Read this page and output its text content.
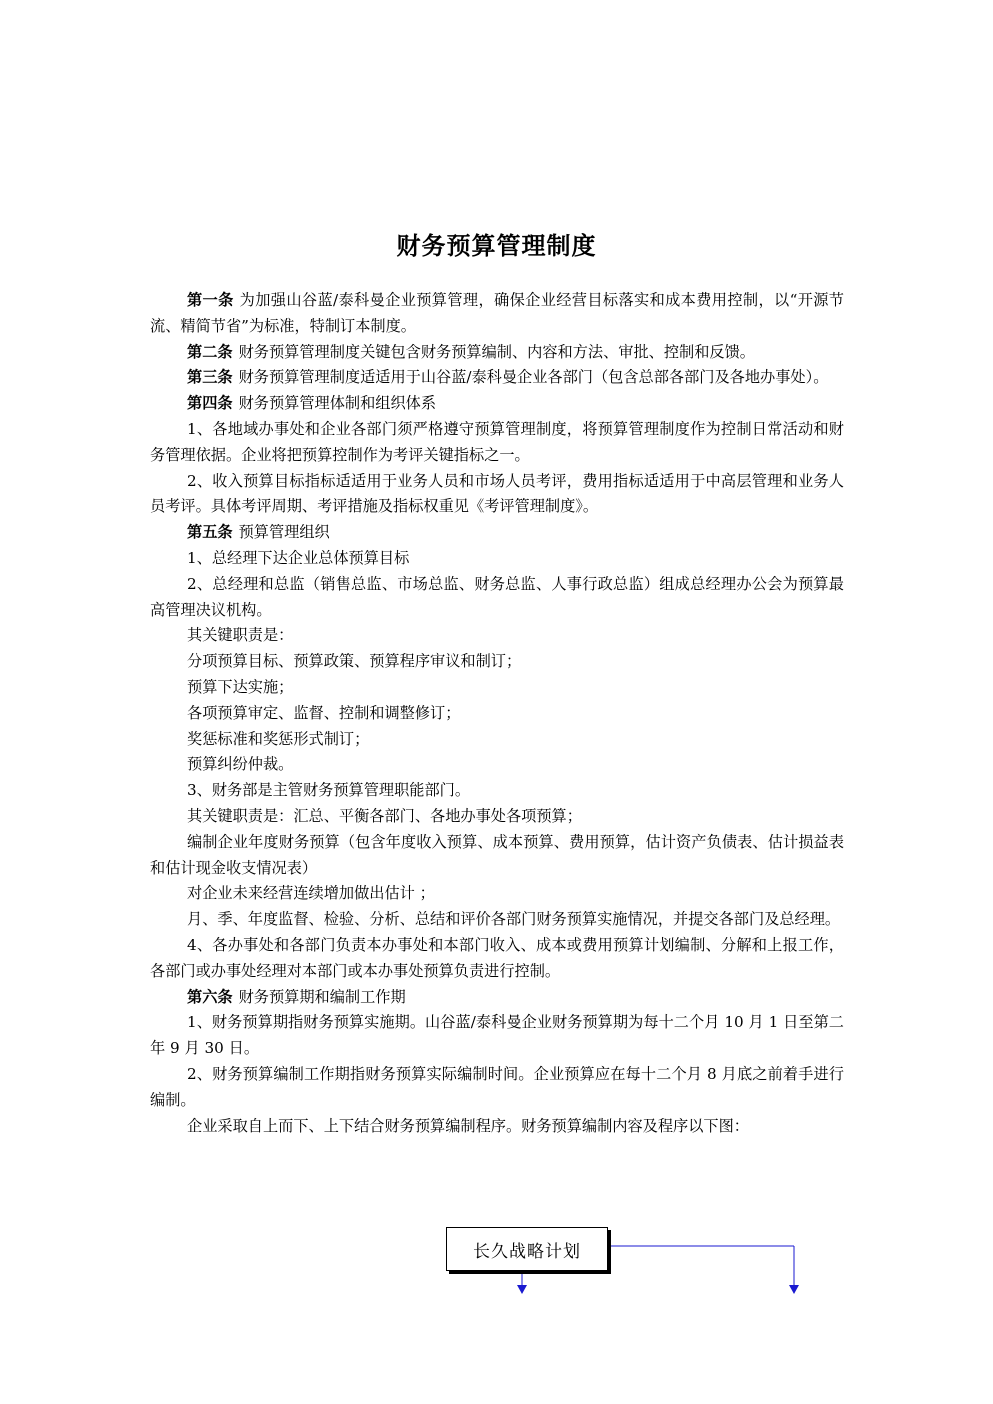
财务预算管理制度

第一条 为加强山谷蓝/泰科曼企业预算管理，确保企业经营目标落实和成本费用控制，以“开源节流、精简节省”为标准，特制订本制度。

第二条 财务预算管理制度关键包含财务预算编制、内容和方法、审批、控制和反馈。

第三条 财务预算管理制度适适用于山谷蓝/泰科曼企业各部门（包含总部各部门及各地办事处）。

第四条 财务预算管理体制和组织体系

1、各地域办事处和企业各部门须严格遵守预算管理制度，将预算管理制度作为控制日常活动和财务管理依据。企业将把预算控制作为考评关键指标之一。

2、收入预算目标指标适适用于业务人员和市场人员考评，费用指标适适用于中高层管理和业务人员考评。具体考评周期、考评措施及指标权重见《考评管理制度》。

第五条 预算管理组织

1、总经理下达企业总体预算目标

2、总经理和总监（销售总监、市场总监、财务总监、人事行政总监）组成总经理办公会为预算最高管理决议机构。

其关键职责是：

分项预算目标、预算政策、预算程序审议和制订；

预算下达实施；

各项预算审定、监督、控制和调整修订；

奖惩标准和奖惩形式制订；

预算纠纷仲裁。

3、财务部是主管财务预算管理职能部门。

其关键职责是：汇总、平衡各部门、各地办事处各项预算；

编制企业年度财务预算（包含年度收入预算、成本预算、费用预算，估计资产负债表、估计损益表和估计现金收支情况表）

对企业未来经营连续增加做出估计 ；

月、季、年度监督、检验、分析、总结和评价各部门财务预算实施情况，并提交各部门及总经理。

4、各办事处和各部门负责本办事处和本部门收入、成本或费用预算计划编制、分解和上报工作，各部门或办事处经理对本部门或本办事处预算负责进行控制。

第六条 财务预算期和编制工作期

1、财务预算期指财务预算实施期。山谷蓝/泰科曼企业财务预算期为每十二个月 10 月 1 日至第二年 9 月 30 日。

2、财务预算编制工作期指财务预算实际编制时间。企业预算应在每十二个月 8 月底之前着手进行编制。

企业采取自上而下、上下结合财务预算编制程序。财务预算编制内容及程序以下图：

长久战略计划
